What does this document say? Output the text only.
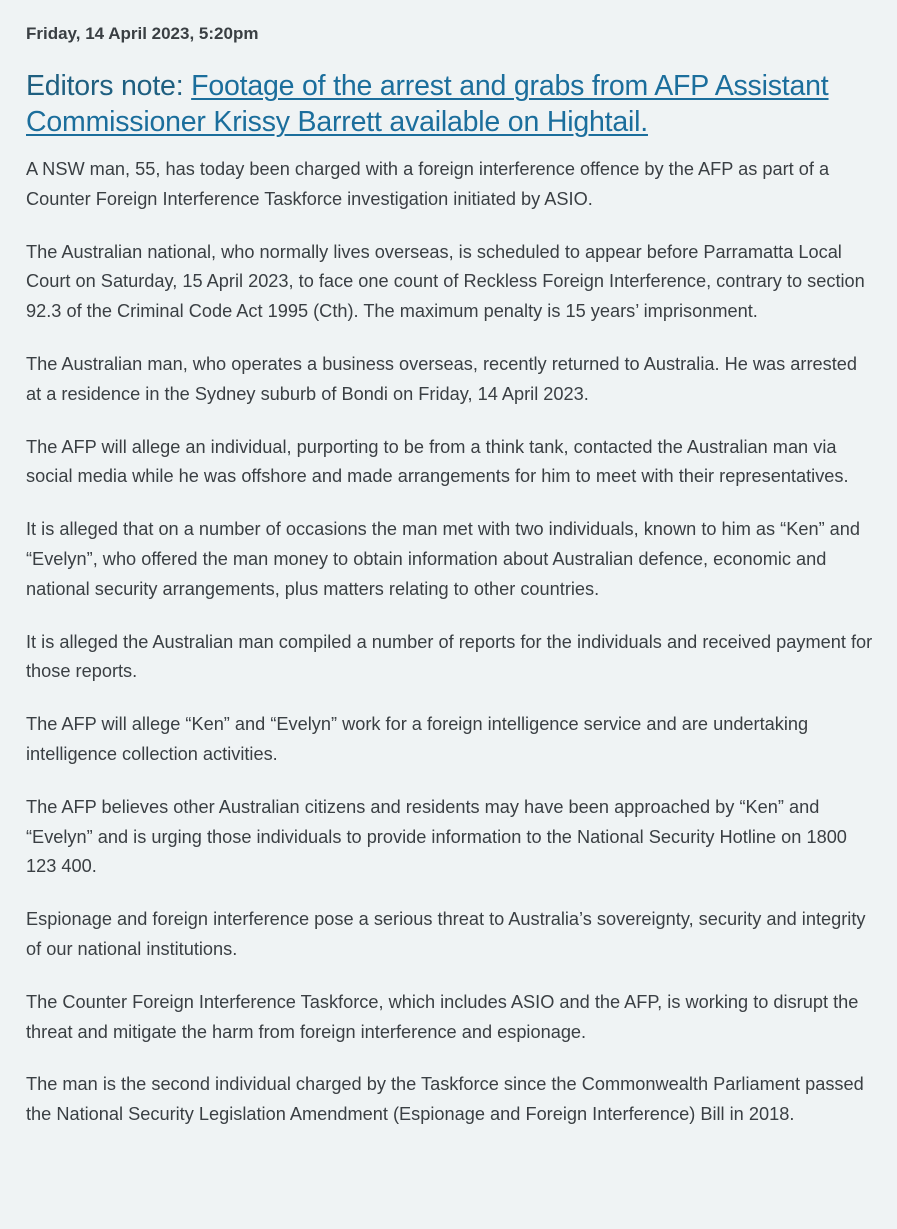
Friday, 14 April 2023, 5:20pm

Editors note: Footage of the arrest and grabs from AFP Assistant Commissioner Krissy Barrett available on Hightail.

A NSW man, 55, has today been charged with a foreign interference offence by the AFP as part of a Counter Foreign Interference Taskforce investigation initiated by ASIO.

The Australian national, who normally lives overseas, is scheduled to appear before Parramatta Local Court on Saturday, 15 April 2023, to face one count of Reckless Foreign Interference, contrary to section 92.3 of the Criminal Code Act 1995 (Cth). The maximum penalty is 15 years’ imprisonment.

The Australian man, who operates a business overseas, recently returned to Australia. He was arrested at a residence in the Sydney suburb of Bondi on Friday, 14 April 2023.

The AFP will allege an individual, purporting to be from a think tank, contacted the Australian man via social media while he was offshore and made arrangements for him to meet with their representatives.

It is alleged that on a number of occasions the man met with two individuals, known to him as “Ken” and “Evelyn”, who offered the man money to obtain information about Australian defence, economic and national security arrangements, plus matters relating to other countries.

It is alleged the Australian man compiled a number of reports for the individuals and received payment for those reports.

The AFP will allege “Ken” and “Evelyn” work for a foreign intelligence service and are undertaking intelligence collection activities.

The AFP believes other Australian citizens and residents may have been approached by “Ken” and “Evelyn” and is urging those individuals to provide information to the National Security Hotline on 1800 123 400.

Espionage and foreign interference pose a serious threat to Australia’s sovereignty, security and integrity of our national institutions.

The Counter Foreign Interference Taskforce, which includes ASIO and the AFP, is working to disrupt the threat and mitigate the harm from foreign interference and espionage.

The man is the second individual charged by the Taskforce since the Commonwealth Parliament passed the National Security Legislation Amendment (Espionage and Foreign Interference) Bill in 2018.
